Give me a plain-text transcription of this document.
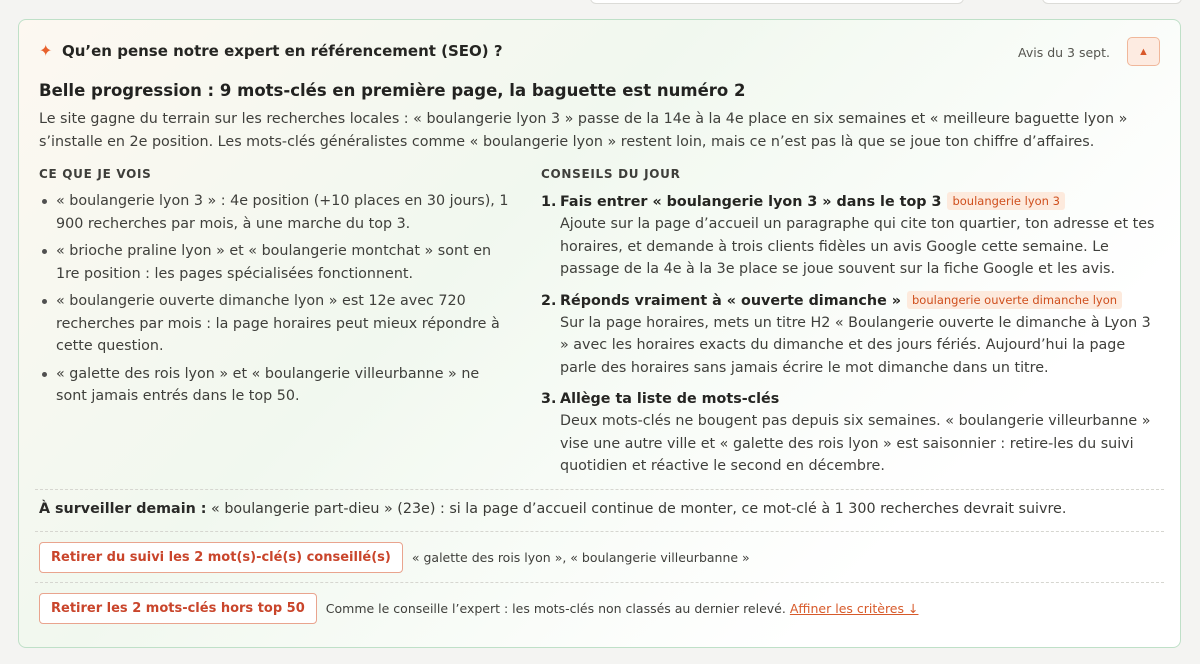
✦ Qu’en pense notre expert en référencement (SEO) ?	Avis du 3 sept.	▲
Belle progression : 9 mots-clés en première page, la baguette est numéro 2
Le site gagne du terrain sur les recherches locales : « boulangerie lyon 3 » passe de la 14e à la 4e place en six semaines et « meilleure baguette lyon » s’installe en 2e position. Les mots-clés généralistes comme « boulangerie lyon » restent loin, mais ce n’est pas là que se joue ton chiffre d’affaires.
CE QUE JE VOIS
« boulangerie lyon 3 » : 4e position (+10 places en 30 jours), 1 900 recherches par mois, à une marche du top 3.
« brioche praline lyon » et « boulangerie montchat » sont en 1re position : les pages spécialisées fonctionnent.
« boulangerie ouverte dimanche lyon » est 12e avec 720 recherches par mois : la page horaires peut mieux répondre à cette question.
« galette des rois lyon » et « boulangerie villeurbanne » ne sont jamais entrés dans le top 50.
CONSEILS DU JOUR
1. Fais entrer « boulangerie lyon 3 » dans le top 3 boulangerie lyon 3
Ajoute sur la page d’accueil un paragraphe qui cite ton quartier, ton adresse et tes horaires, et demande à trois clients fidèles un avis Google cette semaine. Le passage de la 4e à la 3e place se joue souvent sur la fiche Google et les avis.
2. Réponds vraiment à « ouverte dimanche » boulangerie ouverte dimanche lyon
Sur la page horaires, mets un titre H2 « Boulangerie ouverte le dimanche à Lyon 3 » avec les horaires exacts du dimanche et des jours fériés. Aujourd’hui la page parle des horaires sans jamais écrire le mot dimanche dans un titre.
3. Allège ta liste de mots-clés
Deux mots-clés ne bougent pas depuis six semaines. « boulangerie villeurbanne » vise une autre ville et « galette des rois lyon » est saisonnier : retire-les du suivi quotidien et réactive le second en décembre.
À surveiller demain : « boulangerie part-dieu » (23e) : si la page d’accueil continue de monter, ce mot-clé à 1 300 recherches devrait suivre.
Retirer du suivi les 2 mot(s)-clé(s) conseillé(s)	« galette des rois lyon », « boulangerie villeurbanne »
Retirer les 2 mots-clés hors top 50	Comme le conseille l’expert : les mots-clés non classés au dernier relevé. Affiner les critères ↓
